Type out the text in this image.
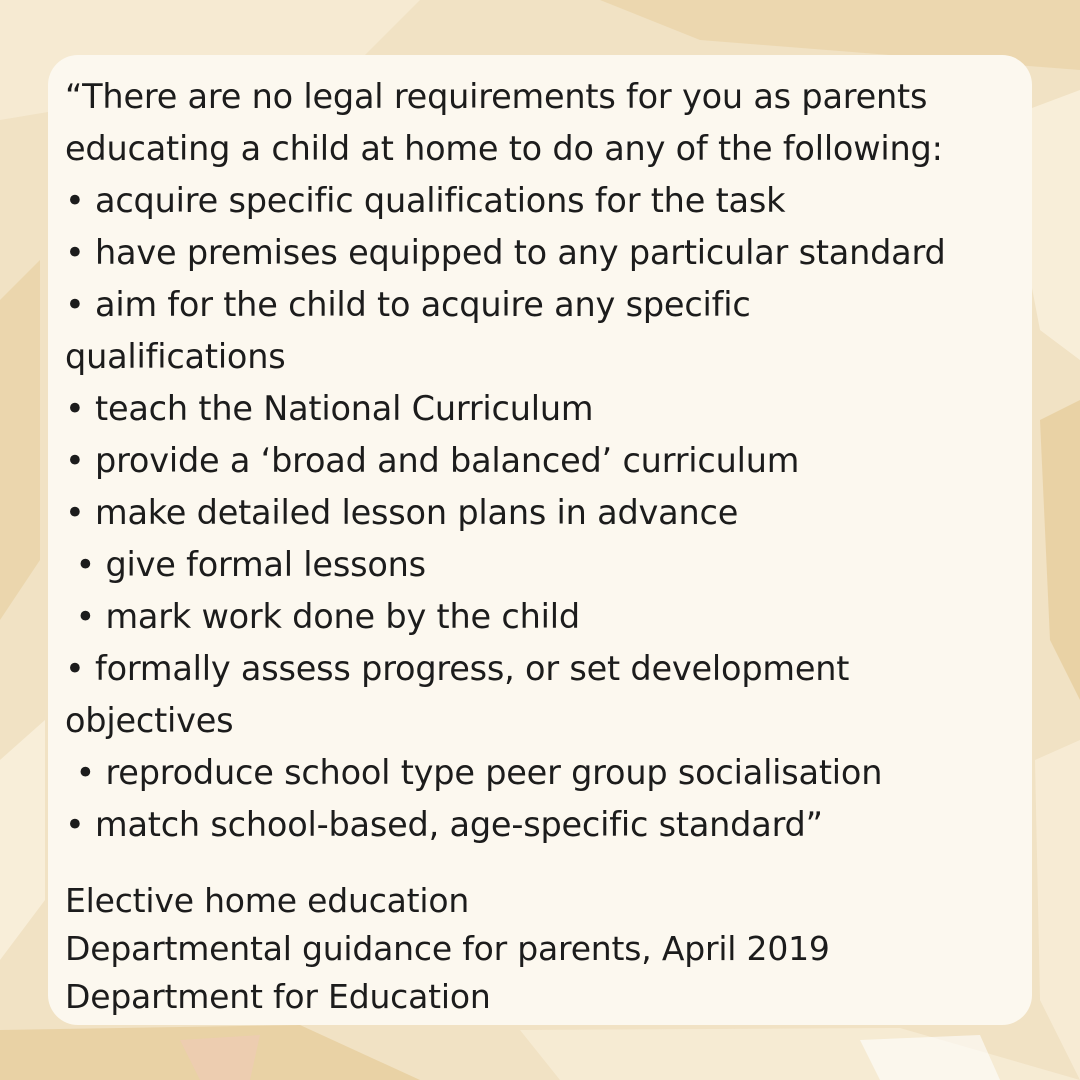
“There are no legal requirements for you as parents
educating a child at home to do any of the following:
• acquire specific qualifications for the task
• have premises equipped to any particular standard
• aim for the child to acquire any specific
qualifications
• teach the National Curriculum
• provide a ‘broad and balanced’ curriculum
• make detailed lesson plans in advance
• give formal lessons
• mark work done by the child
• formally assess progress, or set development
objectives
• reproduce school type peer group socialisation
• match school-based, age-specific standard”
Elective home education
Departmental guidance for parents, April 2019
Department for Education
